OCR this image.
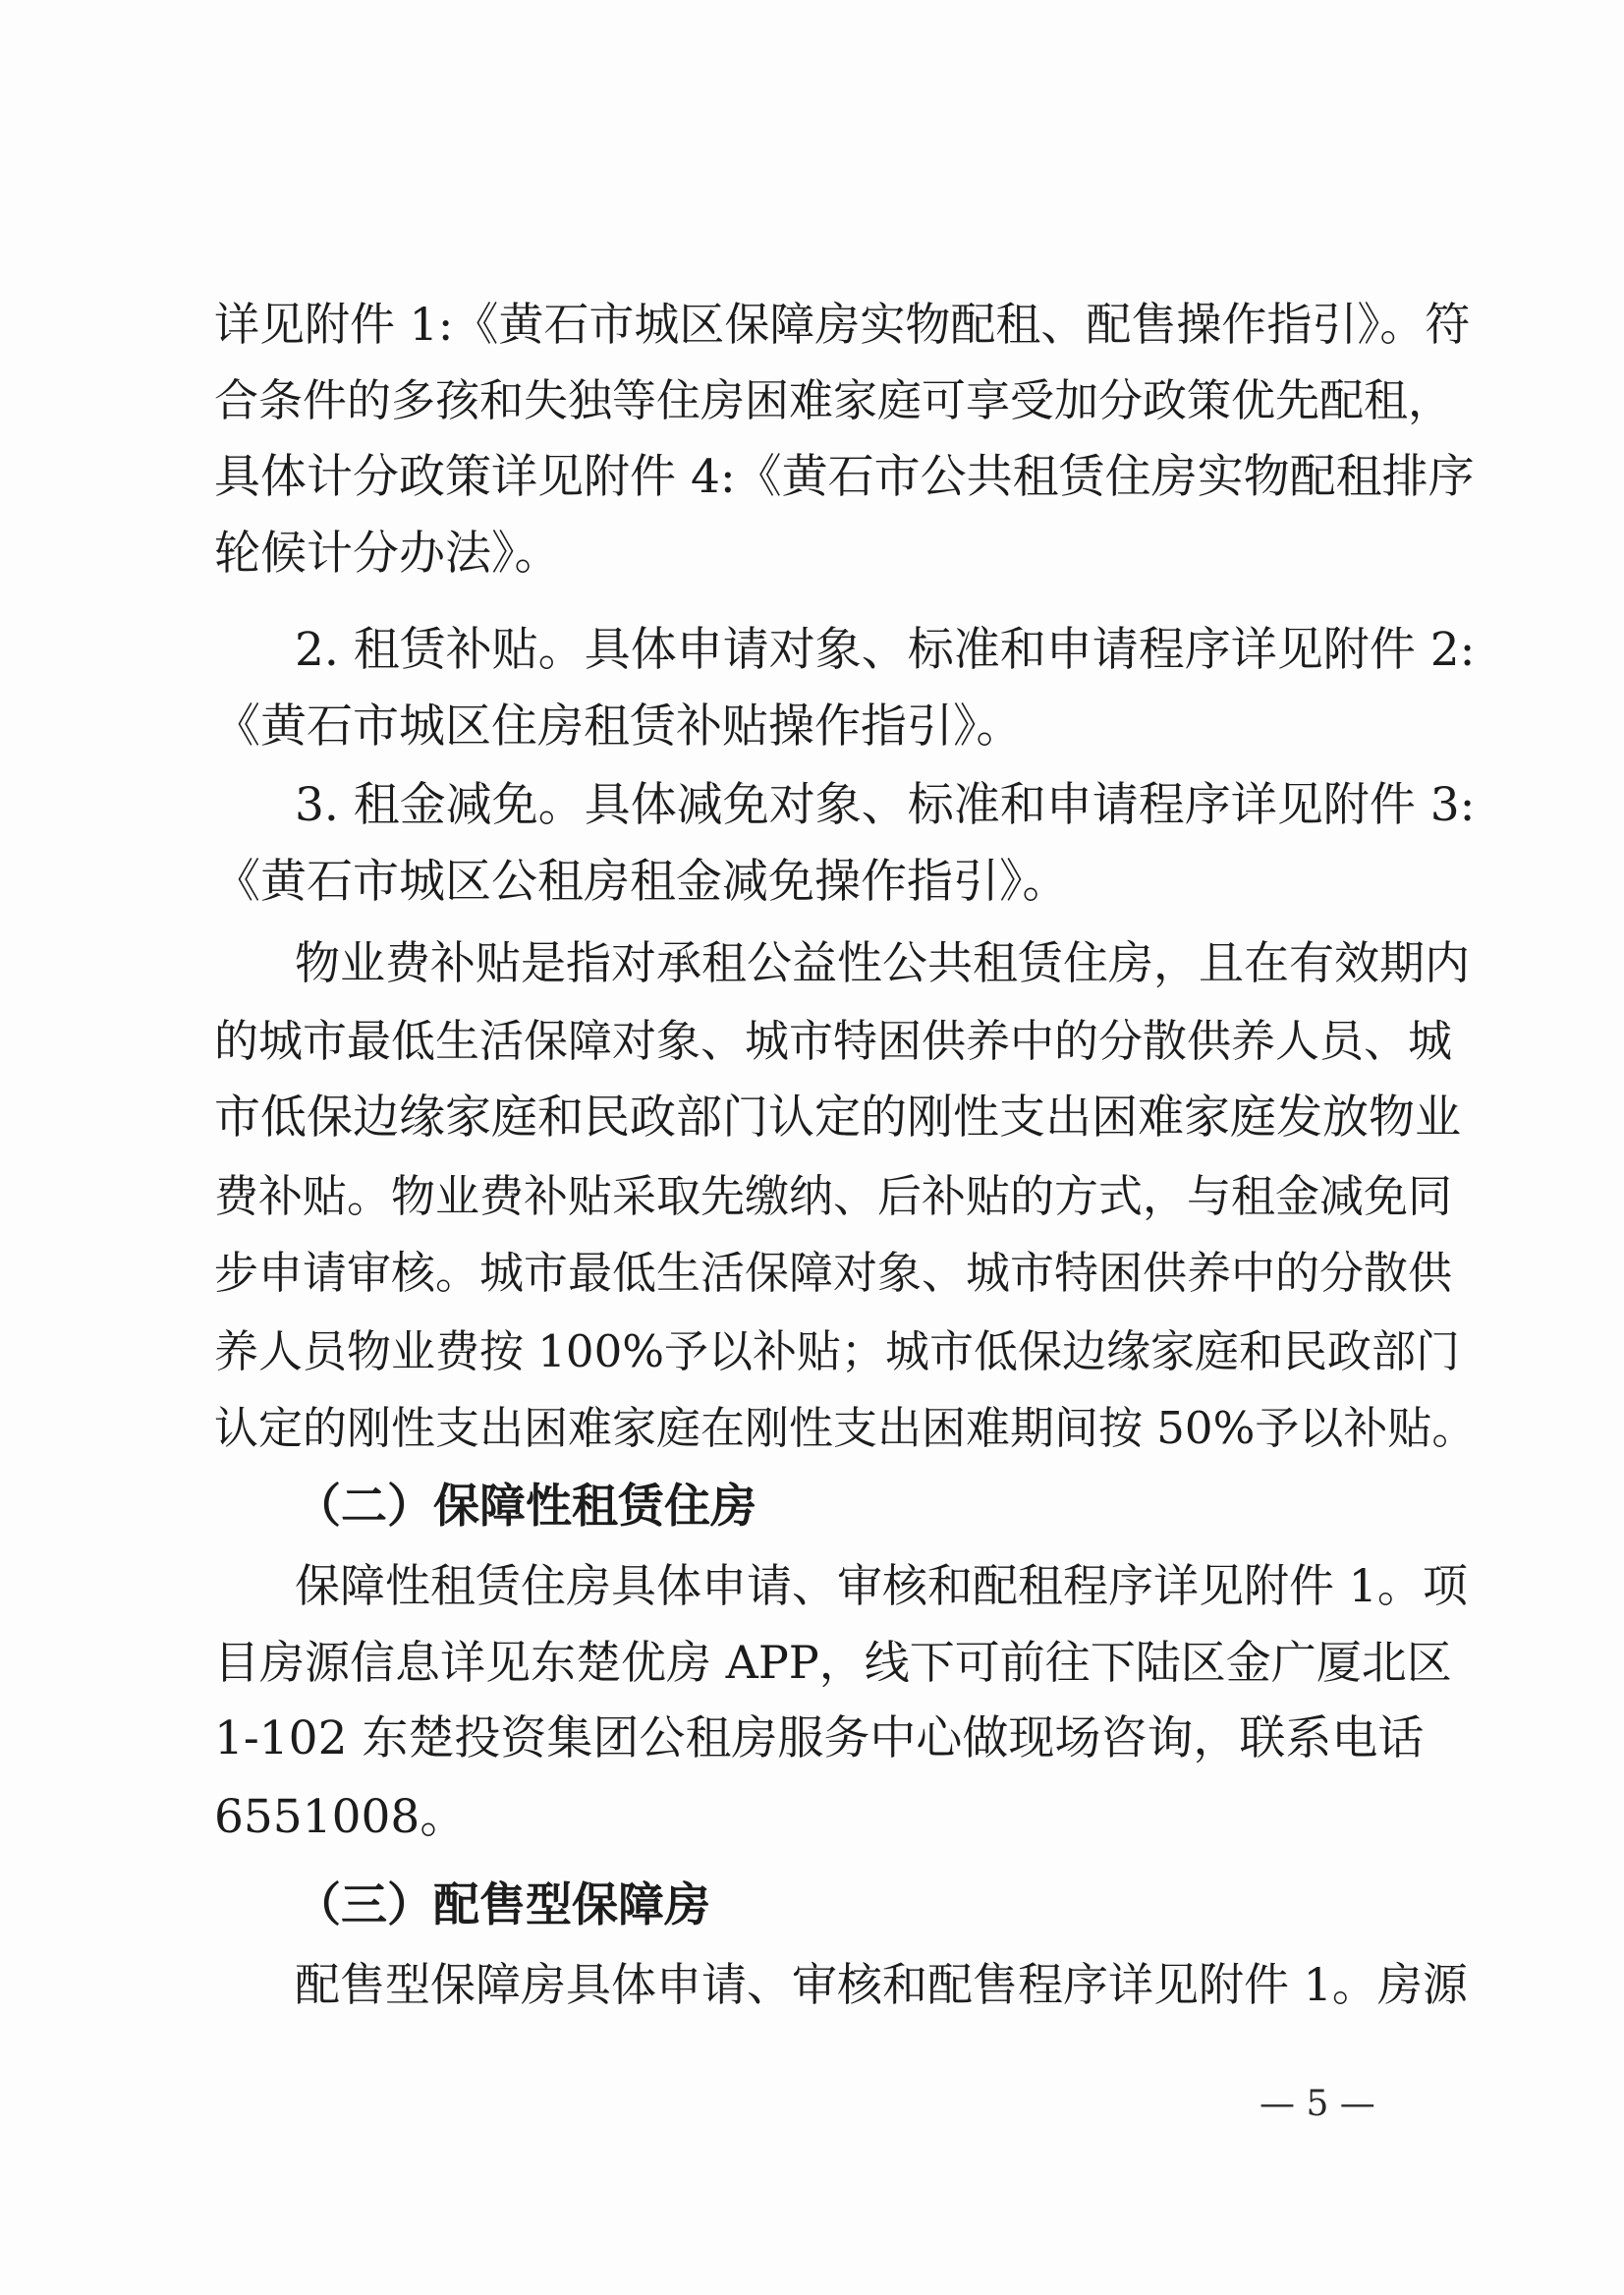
详见附件 1:《黄石市城区保障房实物配租、配售操作指引》。符
合条件的多孩和失独等住房困难家庭可享受加分政策优先配租，
具体计分政策详见附件 4:《黄石市公共租赁住房实物配租排序
轮候计分办法》。
2. 租赁补贴。具体申请对象、标准和申请程序详见附件 2:
《黄石市城区住房租赁补贴操作指引》。
3. 租金减免。具体减免对象、标准和申请程序详见附件 3:
《黄石市城区公租房租金减免操作指引》。
物业费补贴是指对承租公益性公共租赁住房，且在有效期内
的城市最低生活保障对象、城市特困供养中的分散供养人员、城
市低保边缘家庭和民政部门认定的刚性支出困难家庭发放物业
费补贴。物业费补贴采取先缴纳、后补贴的方式，与租金减免同
步申请审核。城市最低生活保障对象、城市特困供养中的分散供
养人员物业费按 100%予以补贴；城市低保边缘家庭和民政部门
认定的刚性支出困难家庭在刚性支出困难期间按 50%予以补贴。
（二）保障性租赁住房
保障性租赁住房具体申请、审核和配租程序详见附件 1。项
目房源信息详见东楚优房 APP，线下可前往下陆区金广厦北区
1-102 东楚投资集团公租房服务中心做现场咨询，联系电话
6551008。
（三）配售型保障房
配售型保障房具体申请、审核和配售程序详见附件 1。房源
— 5 —
